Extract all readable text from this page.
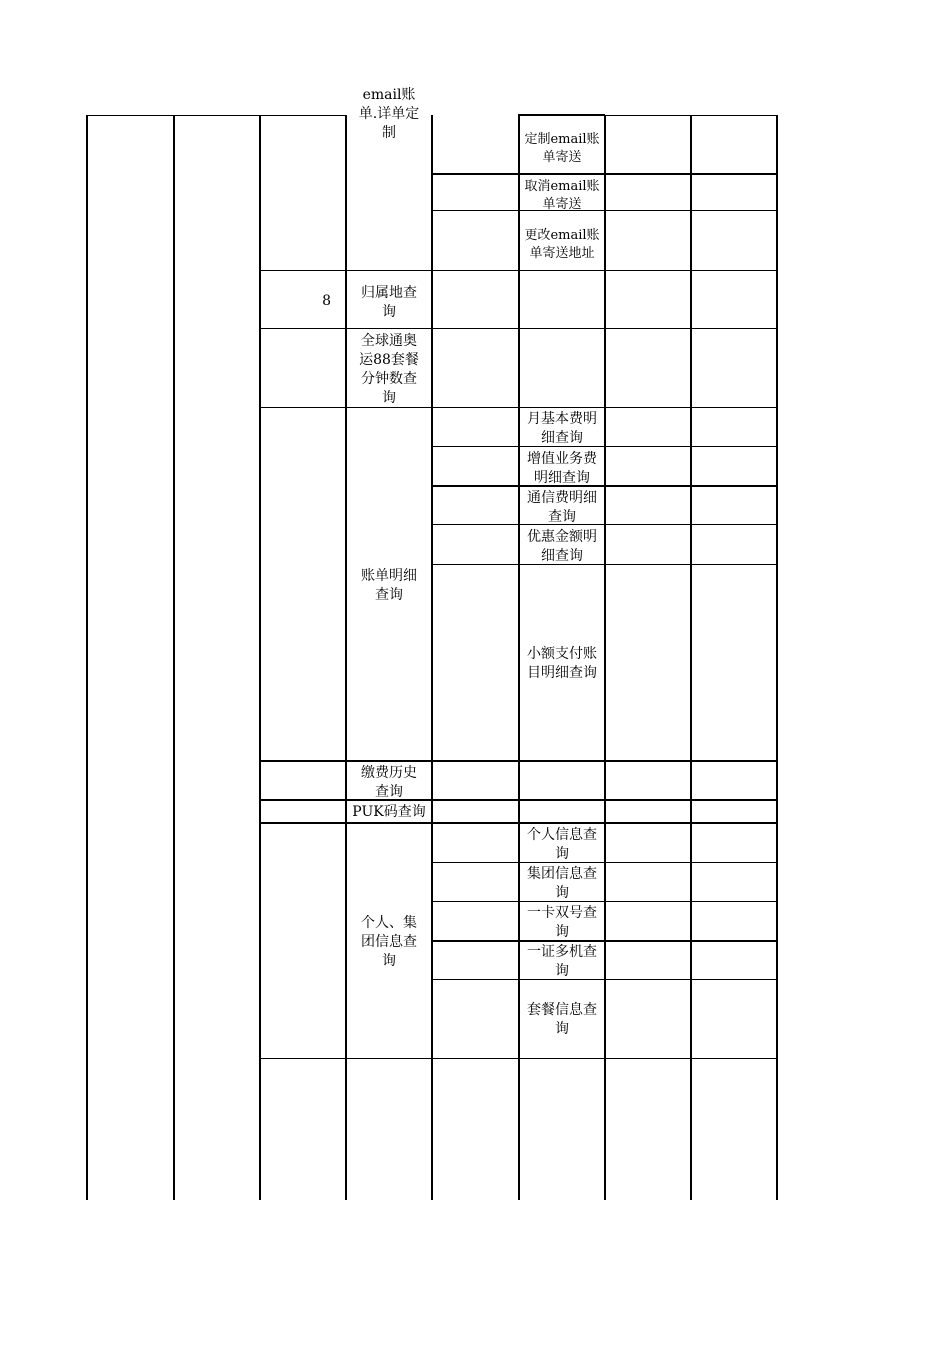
email账
单.详单定
制
8	归属地查
询
全球通奥
运88套餐
分钟数查
询
账单明细
查询
缴费历史
查询
PUK码查询
个人、集
团信息查
询
定制email账
单寄送
取消email账
单寄送
更改email账
单寄送地址
月基本费明
细查询
增值业务费
明细查询
通信费明细
查询
优惠金额明
细查询
小额支付账
目明细查询
个人信息查
询
集团信息查
询
一卡双号查
询
一证多机查
询
套餐信息查
询
